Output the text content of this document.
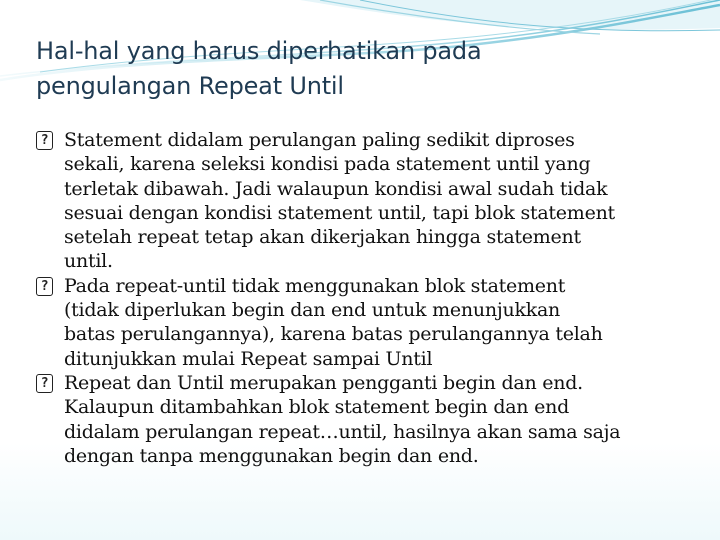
Hal-hal yang harus diperhatikan pada
pengulangan Repeat Until
? Statement didalam perulangan paling sedikit diproses
sekali, karena seleksi kondisi pada statement until yang
terletak dibawah. Jadi walaupun kondisi awal sudah tidak
sesuai dengan kondisi statement until, tapi blok statement
setelah repeat tetap akan dikerjakan hingga statement
until.
? Pada repeat-until tidak menggunakan blok statement
(tidak diperlukan begin dan end untuk menunjukkan
batas perulangannya), karena batas perulangannya telah
ditunjukkan mulai Repeat sampai Until
? Repeat dan Until merupakan pengganti begin dan end.
Kalaupun ditambahkan blok statement begin dan end
didalam perulangan repeat…until, hasilnya akan sama saja
dengan tanpa menggunakan begin dan end.
